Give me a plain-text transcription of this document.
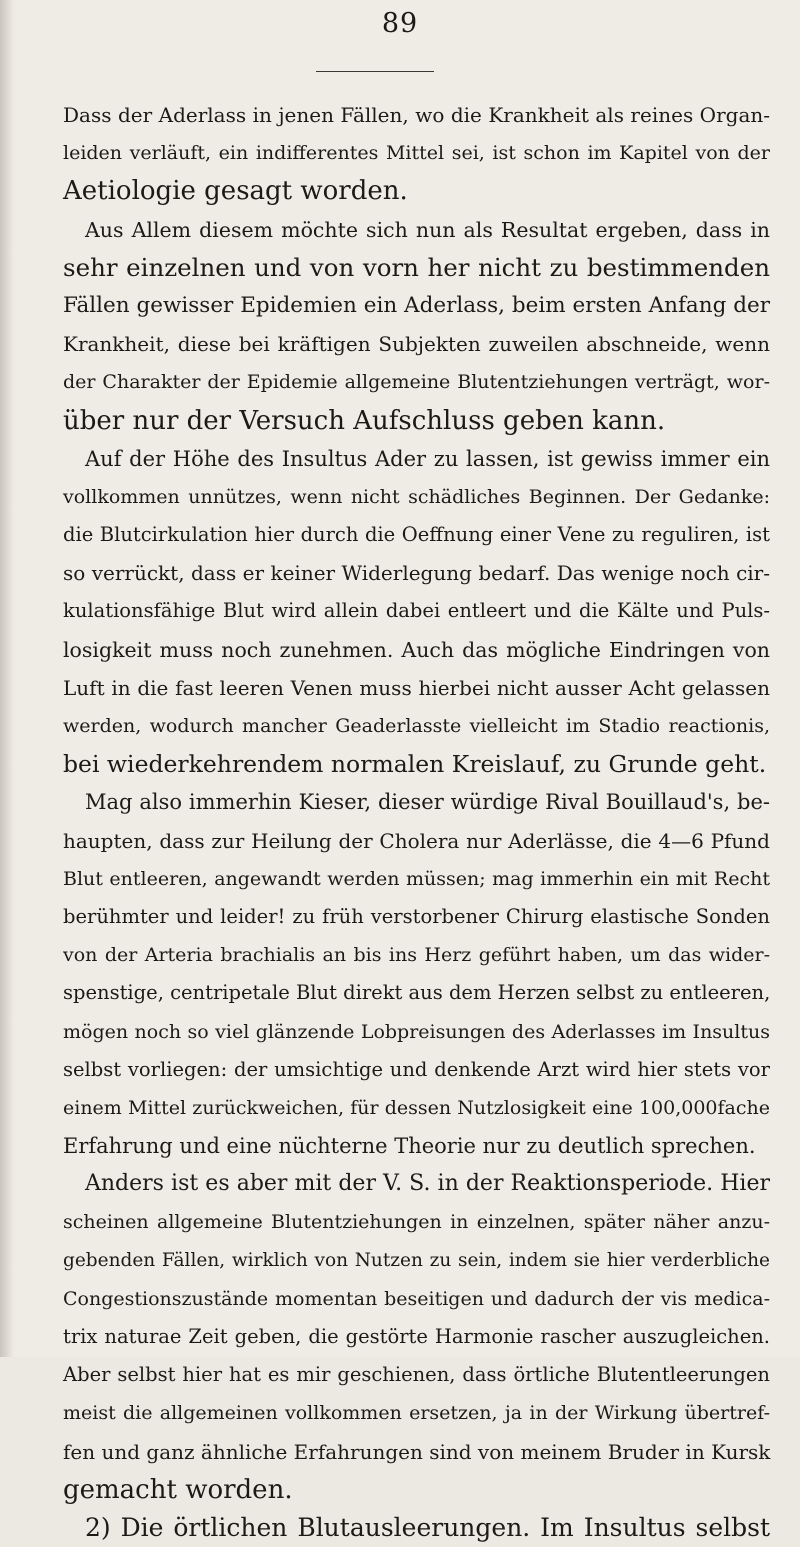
89
Dass der Aderlass in jenen Fällen, wo die Krankheit als reines Organ-
leiden verläuft, ein indifferentes Mittel sei, ist schon im Kapitel von der
Aetiologie gesagt worden.
Aus Allem diesem möchte sich nun als Resultat ergeben, dass in
sehr einzelnen und von vorn her nicht zu bestimmenden
Fällen gewisser Epidemien ein Aderlass, beim ersten Anfang der
Krankheit, diese bei kräftigen Subjekten zuweilen abschneide, wenn
der Charakter der Epidemie allgemeine Blutentziehungen verträgt, wor-
über nur der Versuch Aufschluss geben kann.
Auf der Höhe des Insultus Ader zu lassen, ist gewiss immer ein
vollkommen unnützes, wenn nicht schädliches Beginnen. Der Gedanke:
die Blutcirkulation hier durch die Oeffnung einer Vene zu reguliren, ist
so verrückt, dass er keiner Widerlegung bedarf. Das wenige noch cir-
kulationsfähige Blut wird allein dabei entleert und die Kälte und Puls-
losigkeit muss noch zunehmen. Auch das mögliche Eindringen von
Luft in die fast leeren Venen muss hierbei nicht ausser Acht gelassen
werden, wodurch mancher Geaderlasste vielleicht im Stadio reactionis,
bei wiederkehrendem normalen Kreislauf, zu Grunde geht.
Mag also immerhin Kieser, dieser würdige Rival Bouillaud's, be-
haupten, dass zur Heilung der Cholera nur Aderlässe, die 4—6 Pfund
Blut entleeren, angewandt werden müssen; mag immerhin ein mit Recht
berühmter und leider! zu früh verstorbener Chirurg elastische Sonden
von der Arteria brachialis an bis ins Herz geführt haben, um das wider-
spenstige, centripetale Blut direkt aus dem Herzen selbst zu entleeren,
mögen noch so viel glänzende Lobpreisungen des Aderlasses im Insultus
selbst vorliegen: der umsichtige und denkende Arzt wird hier stets vor
einem Mittel zurückweichen, für dessen Nutzlosigkeit eine 100,000fache
Erfahrung und eine nüchterne Theorie nur zu deutlich sprechen.
Anders ist es aber mit der V. S. in der Reaktionsperiode. Hier
scheinen allgemeine Blutentziehungen in einzelnen, später näher anzu-
gebenden Fällen, wirklich von Nutzen zu sein, indem sie hier verderbliche
Congestionszustände momentan beseitigen und dadurch der vis medica-
trix naturae Zeit geben, die gestörte Harmonie rascher auszugleichen.
Aber selbst hier hat es mir geschienen, dass örtliche Blutentleerungen
meist die allgemeinen vollkommen ersetzen, ja in der Wirkung übertref-
fen und ganz ähnliche Erfahrungen sind von meinem Bruder in Kursk
gemacht worden.
2) Die örtlichen Blutausleerungen. Im Insultus selbst
